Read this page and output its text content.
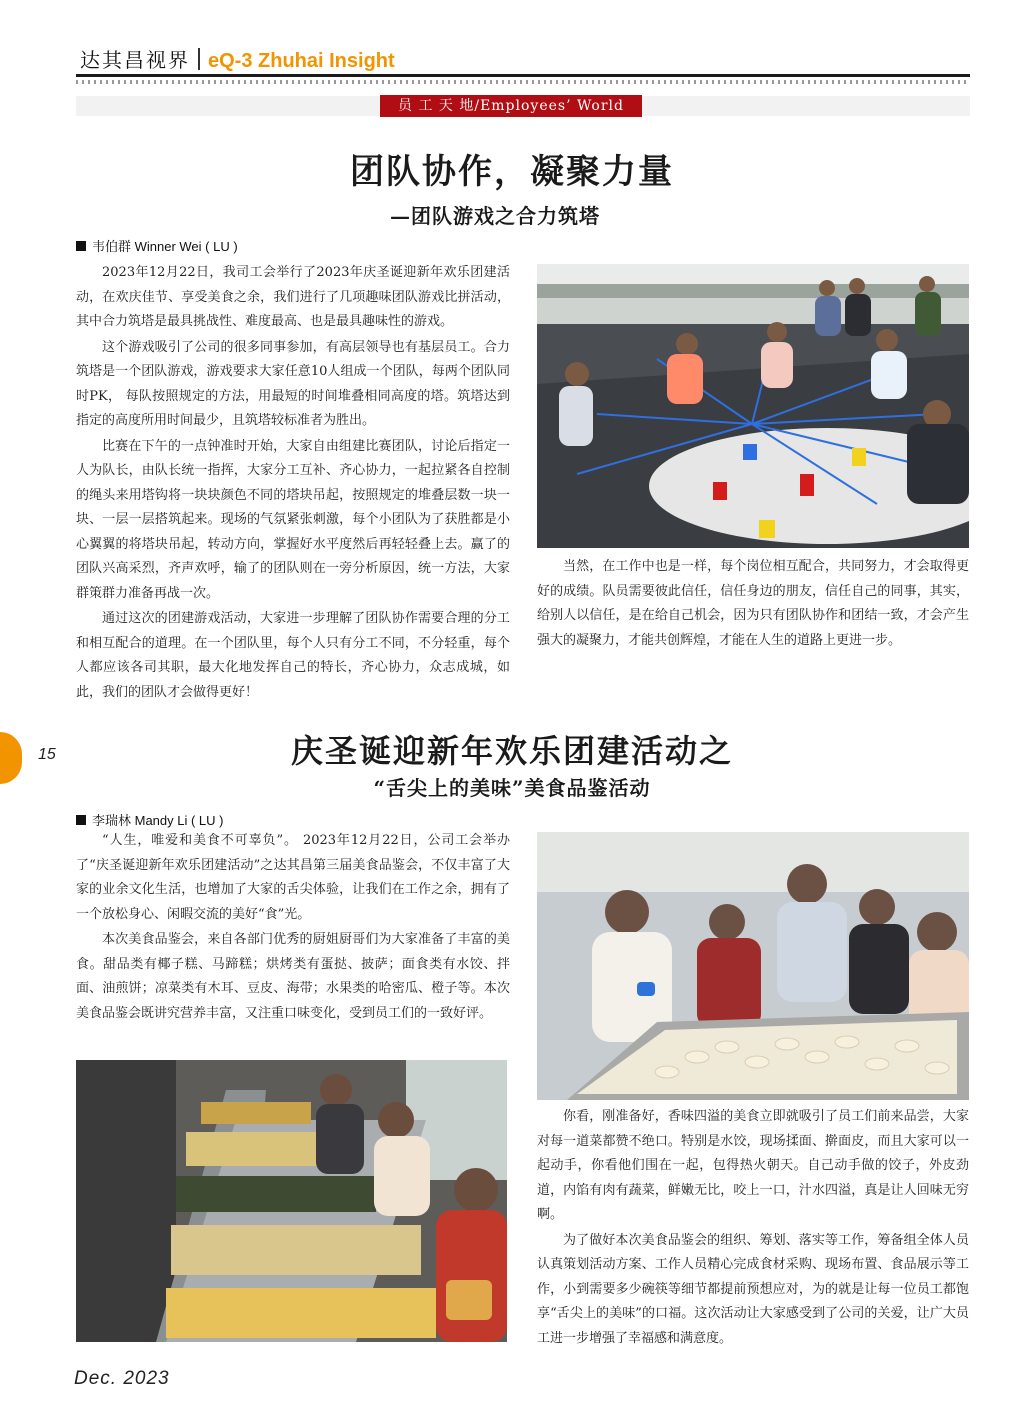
达其昌视界 eQ-3 Zhuhai Insight
员 工 天 地/Employees’ World
团队协作，凝聚力量
—团队游戏之合力筑塔
韦伯群 Winner Wei ( LU )

2023年12月22日，我司工会举行了2023年庆圣诞迎新年欢乐团建活动，在欢庆佳节、享受美食之余，我们进行了几项趣味团队游戏比拼活动，其中合力筑塔是最具挑战性、难度最高、也是最具趣味性的游戏。

这个游戏吸引了公司的很多同事参加，有高层领导也有基层员工。合力筑塔是一个团队游戏，游戏要求大家任意10人组成一个团队，每两个团队同时PK， 每队按照规定的方法，用最短的时间堆叠相同高度的塔。筑塔达到指定的高度所用时间最少，且筑塔较标准者为胜出。

比赛在下午的一点钟准时开始，大家自由组建比赛团队，讨论后指定一人为队长，由队长统一指挥，大家分工互补、齐心协力，一起拉紧各自控制的绳头来用塔钩将一块块颜色不同的塔块吊起，按照规定的堆叠层数一块一块、一层一层搭筑起来。现场的气氛紧张刺激，每个小团队为了获胜都是小心翼翼的将塔块吊起，转动方向，掌握好水平度然后再轻轻叠上去。赢了的团队兴高采烈，齐声欢呼，输了的团队则在一旁分析原因，统一方法，大家群策群力准备再战一次。

通过这次的团建游戏活动，大家进一步理解了团队协作需要合理的分工和相互配合的道理。在一个团队里，每个人只有分工不同，不分轻重，每个人都应该各司其职，最大化地发挥自己的特长，齐心协力，众志成城，如此，我们的团队才会做得更好！

当然，在工作中也是一样，每个岗位相互配合，共同努力，才会取得更好的成绩。队员需要彼此信任，信任身边的朋友，信任自己的同事，其实，给别人以信任，是在给自己机会，因为只有团队协作和团结一致，才会产生强大的凝聚力，才能共创辉煌，才能在人生的道路上更进一步。

15	庆圣诞迎新年欢乐团建活动之
“舌尖上的美味”美食品鉴活动
李瑞林 Mandy Li ( LU )

“人生，唯爱和美食不可辜负”。 2023年12月22日，公司工会举办了“庆圣诞迎新年欢乐团建活动”之达其昌第三届美食品鉴会，不仅丰富了大家的业余文化生活，也增加了大家的舌尖体验，让我们在工作之余，拥有了一个放松身心、闲暇交流的美好“食”光。

本次美食品鉴会，来自各部门优秀的厨姐厨哥们为大家准备了丰富的美食。甜品类有椰子糕、马蹄糕；烘烤类有蛋挞、披萨；面食类有水饺、拌面、油煎饼；凉菜类有木耳、豆皮、海带；水果类的哈密瓜、橙子等。本次美食品鉴会既讲究营养丰富，又注重口味变化，受到员工们的一致好评。

你看，刚准备好，香味四溢的美食立即就吸引了员工们前来品尝，大家对每一道菜都赞不绝口。特别是水饺，现场揉面、擀面皮，而且大家可以一起动手，你看他们围在一起，包得热火朝天。自己动手做的饺子，外皮劲道，内馅有肉有蔬菜，鲜嫩无比，咬上一口，汁水四溢，真是让人回味无穷啊。

为了做好本次美食品鉴会的组织、筹划、落实等工作，筹备组全体人员认真策划活动方案、工作人员精心完成食材采购、现场布置、食品展示等工作，小到需要多少碗筷等细节都提前预想应对，为的就是让每一位员工都饱享“舌尖上的美味”的口福。这次活动让大家感受到了公司的关爱，让广大员工进一步增强了幸福感和满意度。

Dec. 2023
